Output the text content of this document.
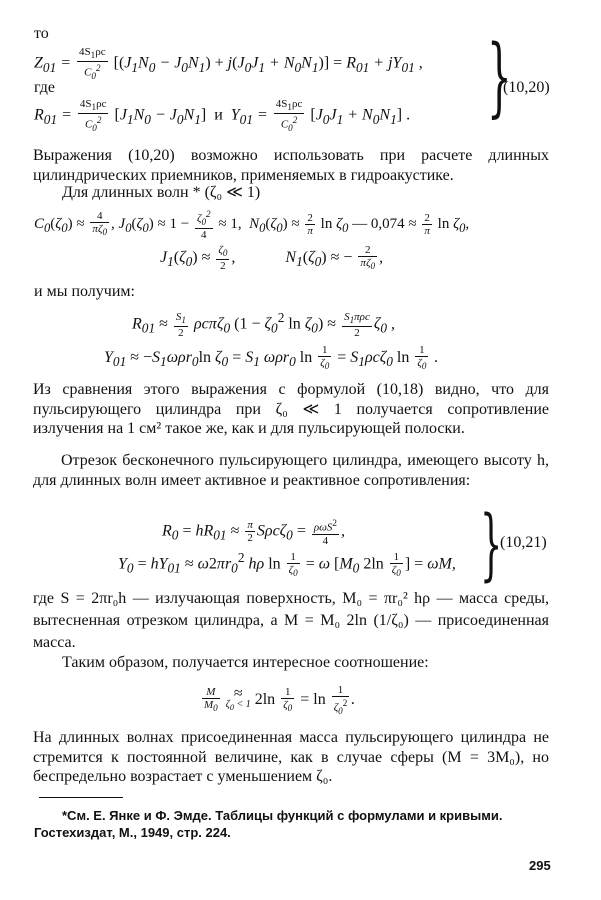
то
$Z_{01} = \frac{4S_1\rho c}{C_0^2} [(J_1N_0 - J_0N_1) + j(J_0J_1 + N_0N_1)] = R_{01} + jY_{01}$ ,
где
$R_{01} = \frac{4S_1\rho c}{C_0^2} [J_1N_0 - J_0N_1]$  и  $Y_{01} = \frac{4S_1\rho c}{C_0^2} [J_0J_1 + N_0N_1]$ . }
(10,20)
Выражения (10,20) возможно использовать при расчете длинных цилиндрических приемников, применяемых в гидроакустике.
Для длинных волн * (ζ₀ ≪ 1)
$C_0(\zeta_0) \approx \frac{4}{\pi\zeta_0}$ , $J_0(\zeta_0) \approx 1 - \frac{\zeta_0^2}{4} \approx 1$,  $N_0(\zeta_0) \approx \frac{2}{\pi}$ $\ln \zeta_0$ — $0,074 \approx \frac{2}{\pi}$ $\ln \zeta_0$,
$J_1(\zeta_0) \approx \frac{\zeta_0}{2}$ ,	$N_1(\zeta_0)$ ≈ − $\frac{2}{\pi\zeta_0}$ ,
и мы получим:
$R_{01} \approx \frac{S_1}{2} \rho c\pi\zeta_0$ ($1 - \zeta_0^2$ $\ln \zeta_0) \approx \frac{S_1\pi\rho c}{2} \zeta_0$ ,
$Y_{01} \approx -S_1\omega\rho r_0\ln$ $\zeta_0 = S_1$ ωρr$_0$ $\ln \frac{1}{\zeta_0} = S_1\rho c\zeta_0$ $\ln \frac{1}{\zeta_0}$ .
Из сравнения этого выражения с формулой (10,18) видно, что для пульсирующего цилиндра при ζ₀ ≪ 1 получается сопротивление излучения на 1 см² такое же, как и для пульсирующей полоски.
Отрезок бесконечного пульсирующего цилиндра, имеющего высоту h, для длинных волн имеет активное и реактивное сопротивления:
$R_0 = hR_{01} \approx \frac{\pi}{2} S\rho c\zeta_0 = \frac{\rho\omega S^2}{4}$ ,
$Y_0 = hY_{01} \approx \omega 2\pi r_0^2$ hρ $\ln \frac{1}{\zeta_0} = \omega$ [$M_0$ $2\ln \frac{1}{\zeta_0}$ ] = ωM, }
(10,21)
где S = 2πr₀h — излучающая поверхность, M₀ = πr₀² hρ — масса среды, вытесненная отрезком цилиндра, а M = M₀ 2ln (1/ζ₀) — присоединенная масса.
Таким образом, получается интересное соотношение:
$\frac{M}{M_0}$
≈
$\zeta_0 < 1$ $2\ln \frac{1}{\zeta_0} = \ln \frac{1}{\zeta_0^2}$ .
На длинных волнах присоединенная масса пульсирующего цилиндра не стремится к постоянной величине, как в случае сферы (M = 3M₀), но беспредельно возрастает с уменьшением ζ₀.
*См. Е. Янке и Ф. Эмде. Таблицы функций с формулами и кривыми. Гостехиздат, М., 1949, стр. 224.
295
